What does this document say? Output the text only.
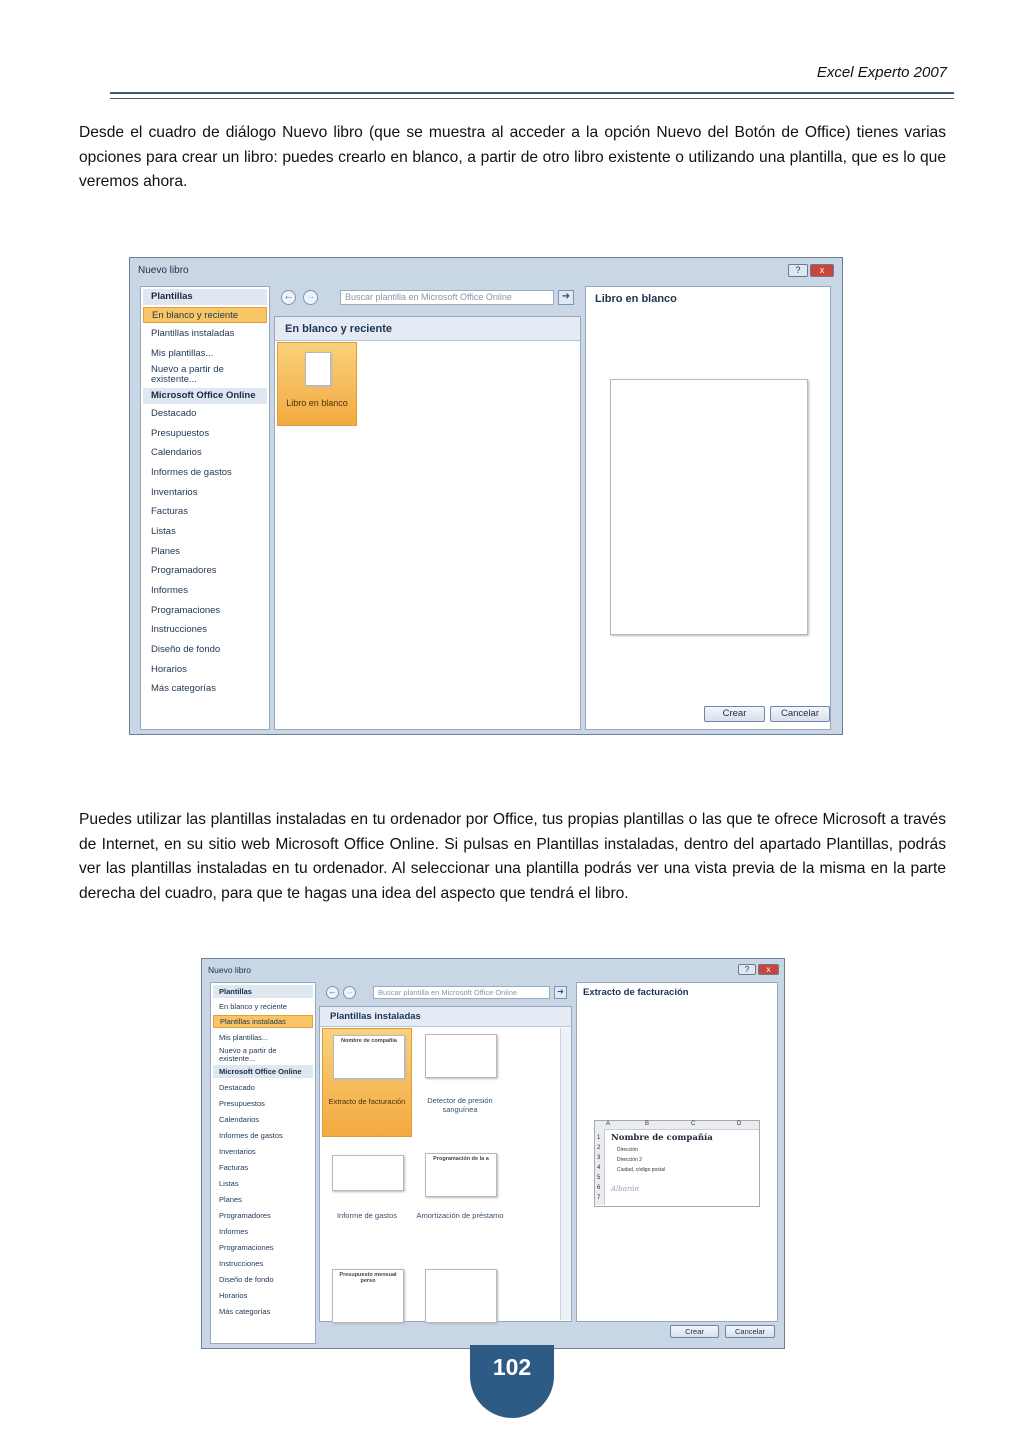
Excel Experto 2007
Desde el cuadro de diálogo Nuevo libro (que se muestra al acceder a la opción Nuevo del Botón de Office) tienes varias opciones para crear un libro: puedes crearlo en blanco, a partir de otro libro existente o utilizando una plantilla, que es lo que veremos ahora.
Nuevo libro	?	x
Plantillas
En blanco y reciente
Plantillas instaladas
Mis plantillas...
Nuevo a partir de existente...
Microsoft Office Online
Destacado
Presupuestos
Calendarios
Informes de gastos
Inventarios
Facturas
Listas
Planes
Programadores
Informes
Programaciones
Instrucciones
Diseño de fondo
Horarios
Más categorías
← →	Buscar plantilla en Microsoft Office Online	➜
En blanco y reciente
Libro en blanco
Libro en blanco
Crear	Cancelar
Puedes utilizar las plantillas instaladas en tu ordenador por Office, tus propias plantillas o las que te ofrece Microsoft a través de Internet, en su sitio web Microsoft Office Online. Si pulsas en Plantillas instaladas, dentro del apartado Plantillas, podrás ver las plantillas instaladas en tu ordenador. Al seleccionar una plantilla podrás ver una vista previa de la misma en la parte derecha del cuadro, para que te hagas una idea del aspecto que tendrá el libro.
Nuevo libro	?	x
Plantillas
En blanco y reciente
Plantillas instaladas
Mis plantillas...
Nuevo a partir de existente...
Microsoft Office Online
Destacado
Presupuestos
Calendarios
Informes de gastos
Inventarios
Facturas
Listas
Planes
Programadores
Informes
Programaciones
Instrucciones
Diseño de fondo
Horarios
Más categorías
←	→	Buscar plantilla en Microsoft Office Online	➜
Plantillas instaladas
Nombre de compañía
Extracto de facturación	Detector de presión sanguínea
Informe de gastos
Programación de la a
Amortización de préstamo
Presupuesto mensual perso
Extracto de facturación
A	B	C	D
1
2
3
4
5
6
7
Nombre de compañía
Dirección
Dirección 2
Ciudad, código postal
Albarán
Crear	Cancelar
102
